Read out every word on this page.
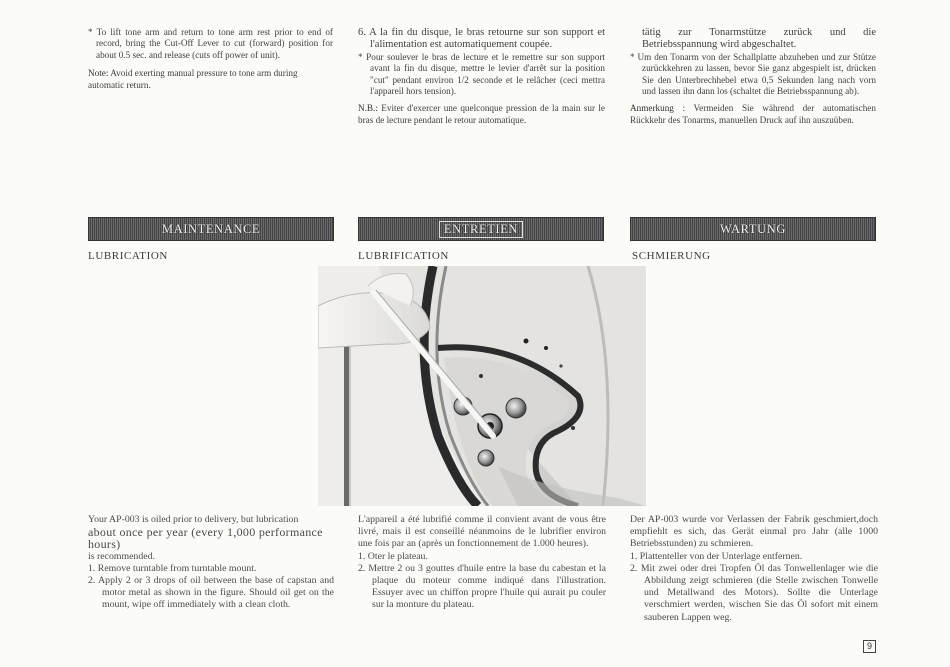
* To lift tone arm and return to tone arm rest prior to end of record, bring the Cut-Off Lever to cut (forward) position for about 0.5 sec. and release (cuts off power of unit).

Note: Avoid exerting manual pressure to tone arm during automatic return.

6. A la fin du disque, le bras retourne sur son support et l'alimentation est automatiquement coupée.

* Pour soulever le bras de lecture et le remettre sur son support avant la fin du disque, mettre le levier d'arrêt sur la position "cut" pendant environ 1/2 seconde et le relâcher (ceci mettra l'appareil hors tension).

N.B.: Eviter d'exercer une quelconque pression de la main sur le bras de lecture pendant le retour automatique.

tätig zur Tonarmstütze zurück und die Betriebsspannung wird abgeschaltet.

* Um den Tonarm von der Schallplatte abzuheben und zur Stütze zurückkehren zu lassen, bevor Sie ganz abgespielt ist, drücken Sie den Unterbrechhebel etwa 0,5 Sekunden lang nach vorn und lassen ihn dann los (schaltet die Betriebsspannung ab).

Anmerkung : Vermeiden Sie während der automatischen Rückkehr des Tonarms, manuellen Druck auf ihn auszuüben.

MAINTENANCE	ENTRETIEN	WARTUNG
LUBRICATION	LUBRIFICATION	SCHMIERUNG

Your AP-003 is oiled prior to delivery, but lubrication

about once per year (every 1,000 performance hours)

is recommended.

1. Remove turntable from turntable mount.

2. Apply 2 or 3 drops of oil between the base of capstan and motor metal as shown in the figure. Should oil get on the mount, wipe off immediately with a clean cloth.

L'appareil a été lubrifié comme il convient avant de vous être livré, mais il est conseillé néanmoins de le lubrifier environ une fois par an (après un fonctionnement de 1.000 heures).

1. Oter le plateau.

2. Mettre 2 ou 3 gouttes d'huile entre la base du cabestan et la plaque du moteur comme indiqué dans l'illustration. Essuyer avec un chiffon propre l'huile qui aurait pu couler sur la monture du plateau.

Der AP-003 wurde vor Verlassen der Fabrik geschmiert,doch empfiehlt es sich, das Gerät einmal pro Jahr (alle 1000 Betriebsstunden) zu schmieren.

1. Plattenteller von der Unterlage entfernen.

2. Mit zwei oder drei Tropfen Öl das Tonwellenlager wie die Abbildung zeigt schmieren (die Stelle zwischen Tonwelle und Metallwand des Motors). Sollte die Unterlage verschmiert werden, wischen Sie das Öl sofort mit einem sauberen Lappen weg.

9
